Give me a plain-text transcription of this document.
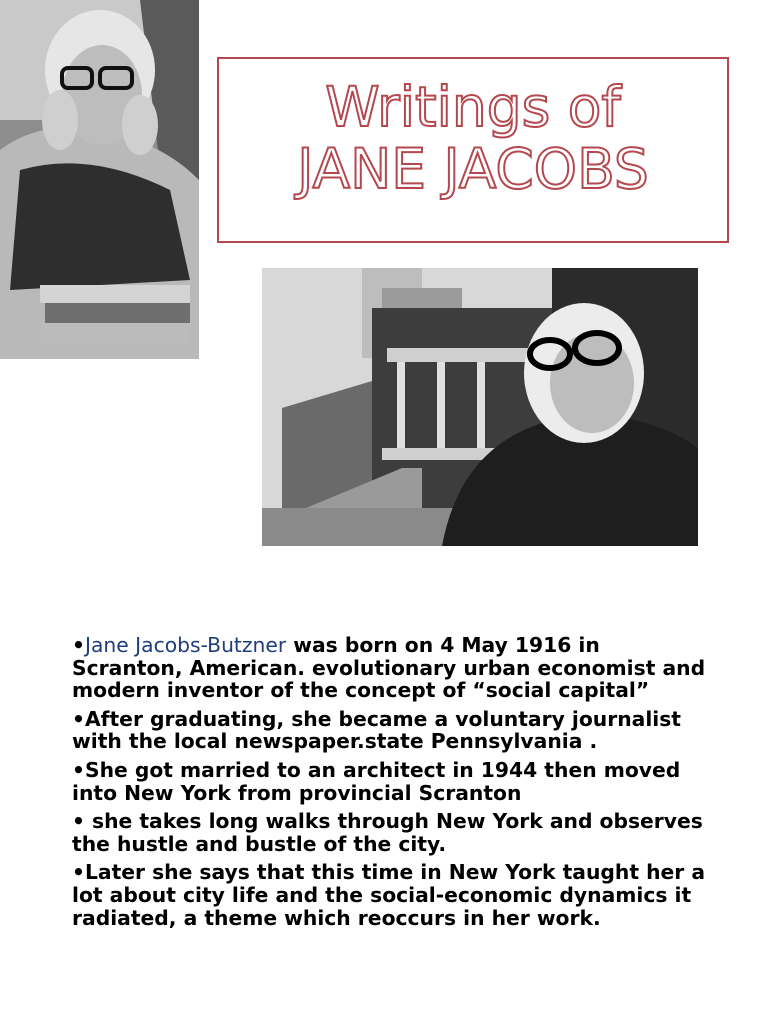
Writings of
JANE JACOBS
•Jane Jacobs-Butzner was born on 4 May 1916 in Scranton, American. evolutionary urban economist and modern inventor of the concept of “social capital”
•After graduating, she became a voluntary journalist with the local newspaper.state Pennsylvania .
•She got married to an architect in 1944 then moved into New York from provincial Scranton
• she takes long walks through New York and observes the hustle and bustle of the city.
•Later she says that this time in New York taught her a lot about city life and the social-economic dynamics it radiated, a theme which reoccurs in her work.
